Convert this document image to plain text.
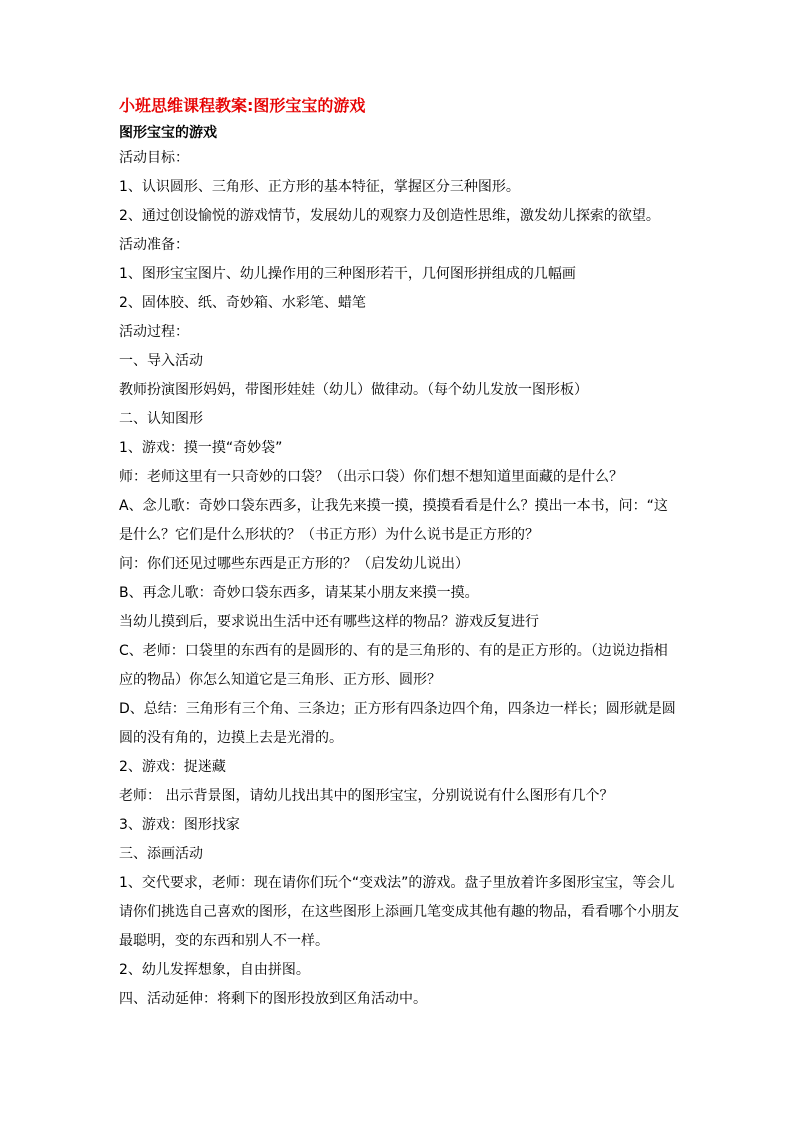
小班思维课程教案:图形宝宝的游戏
图形宝宝的游戏

活动目标：

1、认识圆形、三角形、正方形的基本特征，掌握区分三种图形。

2、通过创设愉悦的游戏情节，发展幼儿的观察力及创造性思维，激发幼儿探索的欲望。

活动准备：

1、图形宝宝图片、幼儿操作用的三种图形若干，几何图形拼组成的几幅画

2、固体胶、纸、奇妙箱、水彩笔、蜡笔

活动过程：

一、导入活动

教师扮演图形妈妈，带图形娃娃（幼儿）做律动。（每个幼儿发放一图形板）

二、认知图形

1、游戏：摸一摸“奇妙袋”

师：老师这里有一只奇妙的口袋？（出示口袋）你们想不想知道里面藏的是什么？

A、念儿歌：奇妙口袋东西多，让我先来摸一摸，摸摸看看是什么？摸出一本书，问：“这是什么？它们是什么形状的？（书正方形）为什么说书是正方形的？

问：你们还见过哪些东西是正方形的？（启发幼儿说出）

B、再念儿歌：奇妙口袋东西多，请某某小朋友来摸一摸。

当幼儿摸到后，要求说出生活中还有哪些这样的物品？游戏反复进行

C、老师：口袋里的东西有的是圆形的、有的是三角形的、有的是正方形的。（边说边指相应的物品）你怎么知道它是三角形、正方形、圆形？

D、总结：三角形有三个角、三条边；正方形有四条边四个角，四条边一样长；圆形就是圆圆的没有角的，边摸上去是光滑的。

2、游戏：捉迷藏

老师： 出示背景图，请幼儿找出其中的图形宝宝，分别说说有什么图形有几个？

3、游戏：图形找家

三、添画活动

1、交代要求，老师：现在请你们玩个“变戏法”的游戏。盘子里放着许多图形宝宝，等会儿请你们挑选自己喜欢的图形，在这些图形上添画几笔变成其他有趣的物品，看看哪个小朋友最聪明，变的东西和别人不一样。

2、幼儿发挥想象，自由拼图。

四、活动延伸：将剩下的图形投放到区角活动中。
